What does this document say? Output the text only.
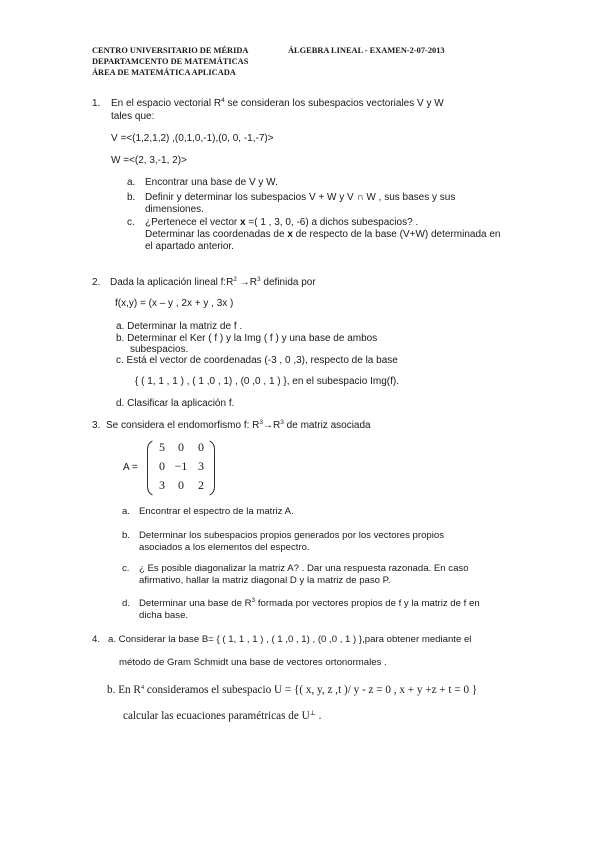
CENTRO UNIVERSITARIO DE MÉRIDA
DEPARTAMCENTO DE MATEMÁTICAS
ÁREA DE MATEMÁTICA APLICADA
ÁLGEBRA LINEAL - EXAMEN-2-07-2013
1. En el espacio vectorial $R^4$ se consideran los subespacios vectoriales V y W
tales que:
V =<(1,2,1,2) ,(0,1,0,-1),(0, 0, -1,-7)>
W =<(2, 3,-1, 2)>
a. Encontrar una base de V y W.
b. Definir y determinar los subespacios V + W y V ∩ W , sus bases y sus
dimensiones.
c. ¿Pertenece el vector x =( 1 , 3, 0, -6) a dichos subespacios? .
Determinar las coordenadas de x de respecto de la base (V+W) determinada en
el apartado anterior.
2. Dada la aplicación lineal $f:R^2 \to R^3$ definida por
f(x,y) = (x – y , 2x + y , 3x )
a. Determinar la matriz de f .
b. Determinar el Ker ( f ) y la Img ( f ) y una base de ambos
subespacios.
c. Está el vector de coordenadas (-3 , 0 ,3), respecto de la base
{ ( 1, 1 , 1 ) , ( 1 ,0 , 1) , (0 ,0 , 1 ) }, en el subespacio Img(f).
d. Clasificar la aplicación f.
3. Se considera el endomorfismo f: $R^3\to R^3$ de matriz asociada
A =
5	0	0
0 −1 3
3	0	2
a. Encontrar el espectro de la matriz A.
b. Determinar los subespacios propios generados por los vectores propios
asociados a los elementos del espectro.
c. ¿ Es posible diagonalizar la matriz A? . Dar una respuesta razonada. En caso
afirmativo, hallar la matriz diagonal D y la matriz de paso P.
d. Determinar una base de $R^3$ formada por vectores propios de f y la matriz de f en
dicha base.
4. a. Considerar la base B= { ( 1, 1 , 1 ) , ( 1 ,0 , 1) , (0 ,0 , 1 ) },para obtener mediante el
método de Gram Schmidt una base de vectores ortonormales .
b. En $R^4$ consideramos el subespacio U = {( x, y, z ,t )/ y - z = 0 , x + y +z + t = 0 }
calcular las ecuaciones paramétricas de U⊥ .
